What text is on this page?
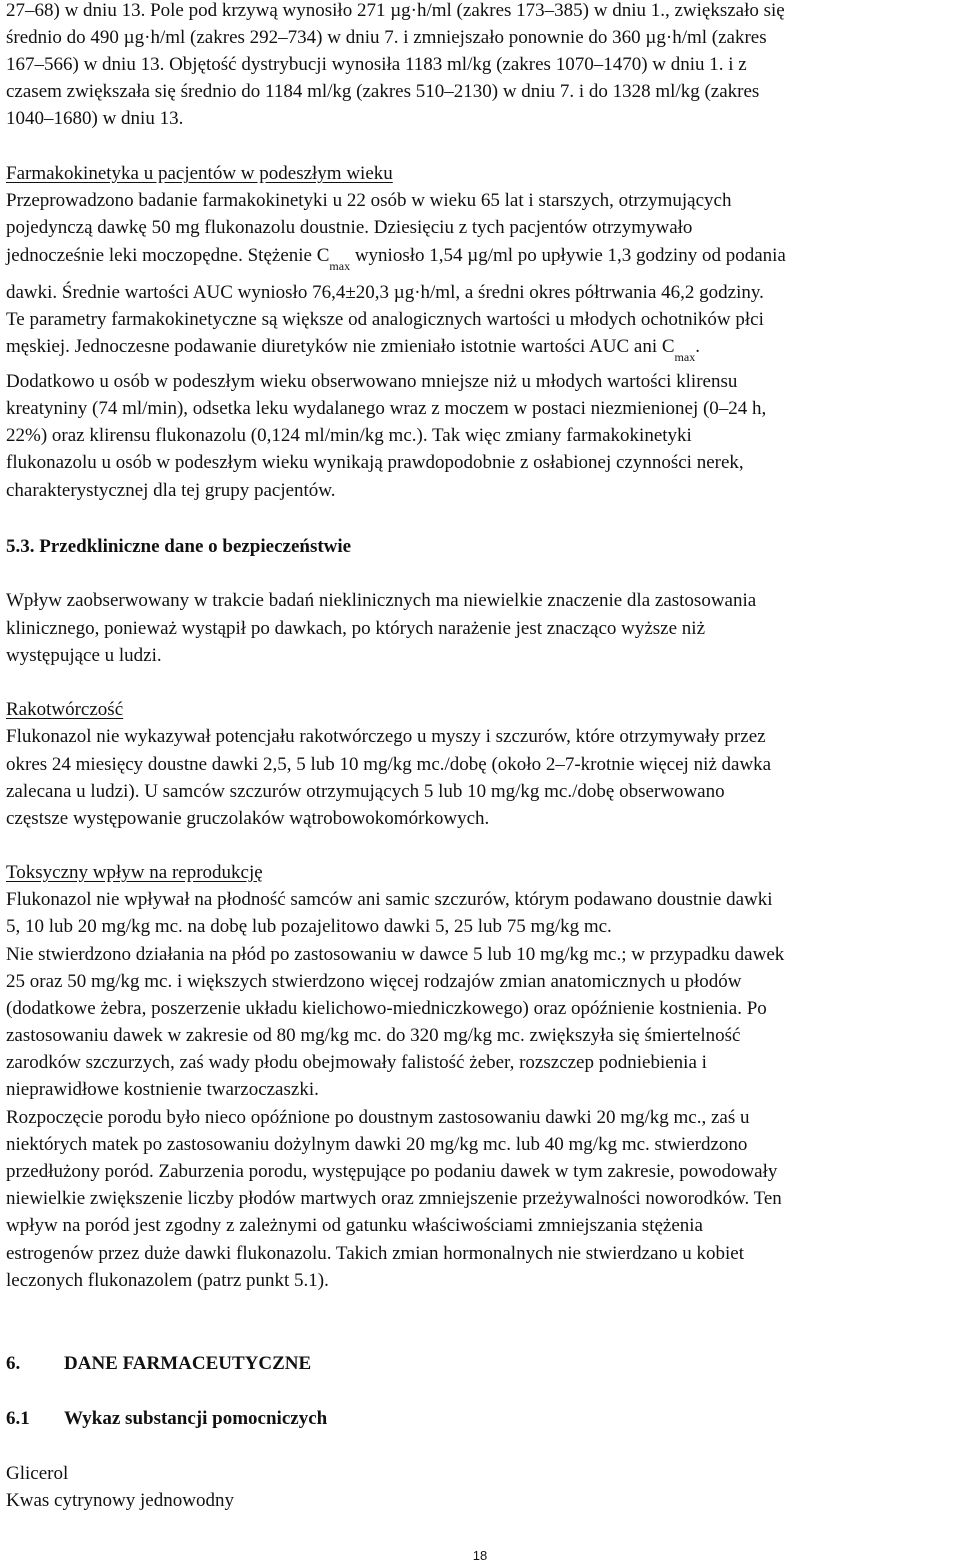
27–68) w dniu 13. Pole pod krzywą wynosiło 271 µg·h/ml (zakres 173–385) w dniu 1., zwiększało się
średnio do 490 µg·h/ml (zakres 292–734) w dniu 7. i zmniejszało ponownie do 360 µg·h/ml (zakres
167–566) w dniu 13. Objętość dystrybucji wynosiła 1183 ml/kg (zakres 1070–1470) w dniu 1. i z
czasem zwiększała się średnio do 1184 ml/kg (zakres 510–2130) w dniu 7. i do 1328 ml/kg (zakres
1040–1680) w dniu 13.
Farmakokinetyka u pacjentów w podeszłym wieku
Przeprowadzono badanie farmakokinetyki u 22 osób w wieku 65 lat i starszych, otrzymujących
pojedynczą dawkę 50 mg flukonazolu doustnie. Dziesięciu z tych pacjentów otrzymywało
jednocześnie leki moczopędne. Stężenie $C_{max}$ wyniosło 1,54 µg/ml po upływie 1,3 godziny od podania
dawki. Średnie wartości AUC wyniosło 76,4±20,3 µg·h/ml, a średni okres półtrwania 46,2 godziny.
Te parametry farmakokinetyczne są większe od analogicznych wartości u młodych ochotników płci
męskiej. Jednoczesne podawanie diuretyków nie zmieniało istotnie wartości AUC ani $C_{max}$.
Dodatkowo u osób w podeszłym wieku obserwowano mniejsze niż u młodych wartości klirensu
kreatyniny (74 ml/min), odsetka leku wydalanego wraz z moczem w postaci niezmienionej (0–24 h,
22%) oraz klirensu flukonazolu (0,124 ml/min/kg mc.). Tak więc zmiany farmakokinetyki
flukonazolu u osób w podeszłym wieku wynikają prawdopodobnie z osłabionej czynności nerek,
charakterystycznej dla tej grupy pacjentów.
5.3. Przedkliniczne dane o bezpieczeństwie
Wpływ zaobserwowany w trakcie badań nieklinicznych ma niewielkie znaczenie dla zastosowania
klinicznego, ponieważ wystąpił po dawkach, po których narażenie jest znacząco wyższe niż
występujące u ludzi.
Rakotwórczość
Flukonazol nie wykazywał potencjału rakotwórczego u myszy i szczurów, które otrzymywały przez
okres 24 miesięcy doustne dawki 2,5, 5 lub 10 mg/kg mc./dobę (około 2–7-krotnie więcej niż dawka
zalecana u ludzi). U samców szczurów otrzymujących 5 lub 10 mg/kg mc./dobę obserwowano
częstsze występowanie gruczolaków wątrobowokomórkowych.
Toksyczny wpływ na reprodukcję
Flukonazol nie wpływał na płodność samców ani samic szczurów, którym podawano doustnie dawki
5, 10 lub 20 mg/kg mc. na dobę lub pozajelitowo dawki 5, 25 lub 75 mg/kg mc.
Nie stwierdzono działania na płód po zastosowaniu w dawce 5 lub 10 mg/kg mc.; w przypadku dawek
25 oraz 50 mg/kg mc. i większych stwierdzono więcej rodzajów zmian anatomicznych u płodów
(dodatkowe żebra, poszerzenie układu kielichowo-miedniczkowego) oraz opóźnienie kostnienia. Po
zastosowaniu dawek w zakresie od 80 mg/kg mc. do 320 mg/kg mc. zwiększyła się śmiertelność
zarodków szczurzych, zaś wady płodu obejmowały falistość żeber, rozszczep podniebienia i
nieprawidłowe kostnienie twarzoczaszki.
Rozpoczęcie porodu było nieco opóźnione po doustnym zastosowaniu dawki 20 mg/kg mc., zaś u
niektórych matek po zastosowaniu dożylnym dawki 20 mg/kg mc. lub 40 mg/kg mc. stwierdzono
przedłużony poród. Zaburzenia porodu, występujące po podaniu dawek w tym zakresie, powodowały
niewielkie zwiększenie liczby płodów martwych oraz zmniejszenie przeżywalności noworodków. Ten
wpływ na poród jest zgodny z zależnymi od gatunku właściwościami zmniejszania stężenia
estrogenów przez duże dawki flukonazolu. Takich zmian hormonalnych nie stwierdzano u kobiet
leczonych flukonazolem (patrz punkt 5.1).
6. DANE FARMACEUTYCZNE
6.1 Wykaz substancji pomocniczych
Glicerol
Kwas cytrynowy jednowodny
18
